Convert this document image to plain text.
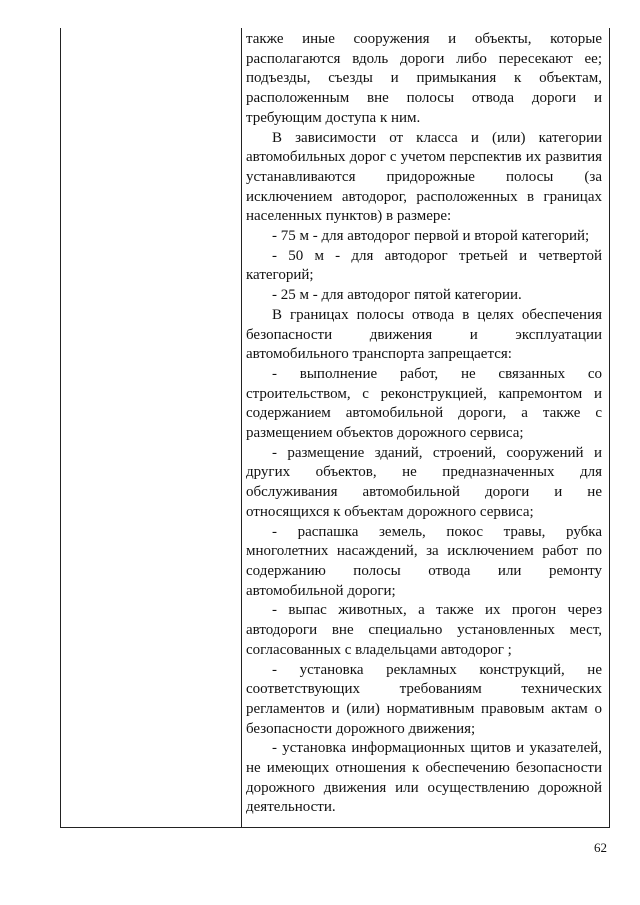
также иные сооружения и объекты, которые располагаются вдоль дороги либо пересекают ее; подъезды, съезды и примыкания к объектам, расположенным вне полосы отвода дороги и требующим доступа к ним.

В зависимости от класса и (или) категории автомобильных дорог с учетом перспектив их развития устанавливаются придорожные полосы (за исключением автодорог, расположенных в границах населенных пунктов) в размере:

- 75 м - для автодорог первой и второй категорий;

- 50 м - для автодорог третьей и четвертой категорий;

- 25 м - для автодорог пятой категории.

В границах полосы отвода в целях обеспечения безопасности движения и эксплуатации автомобильного транспорта запрещается:

- выполнение работ, не связанных со строительством, с реконструкцией, капремонтом и содержанием автомобильной дороги, а также с размещением объектов дорожного сервиса;

- размещение зданий, строений, сооружений и других объектов, не предназначенных для обслуживания автомобильной дороги и не относящихся к объектам дорожного сервиса;

- распашка земель, покос травы, рубка многолетних насаждений, за исключением работ по содержанию полосы отвода или ремонту автомобильной дороги;

- выпас животных, а также их прогон через автодороги вне специально установленных мест, согласованных с владельцами автодорог ;

- установка рекламных конструкций, не соответствующих требованиям технических регламентов и (или) нормативным правовым актам о безопасности дорожного движения;

- установка информационных щитов и указателей, не имеющих отношения к обеспечению безопасности дорожного движения или осуществлению дорожной деятельности.

62
